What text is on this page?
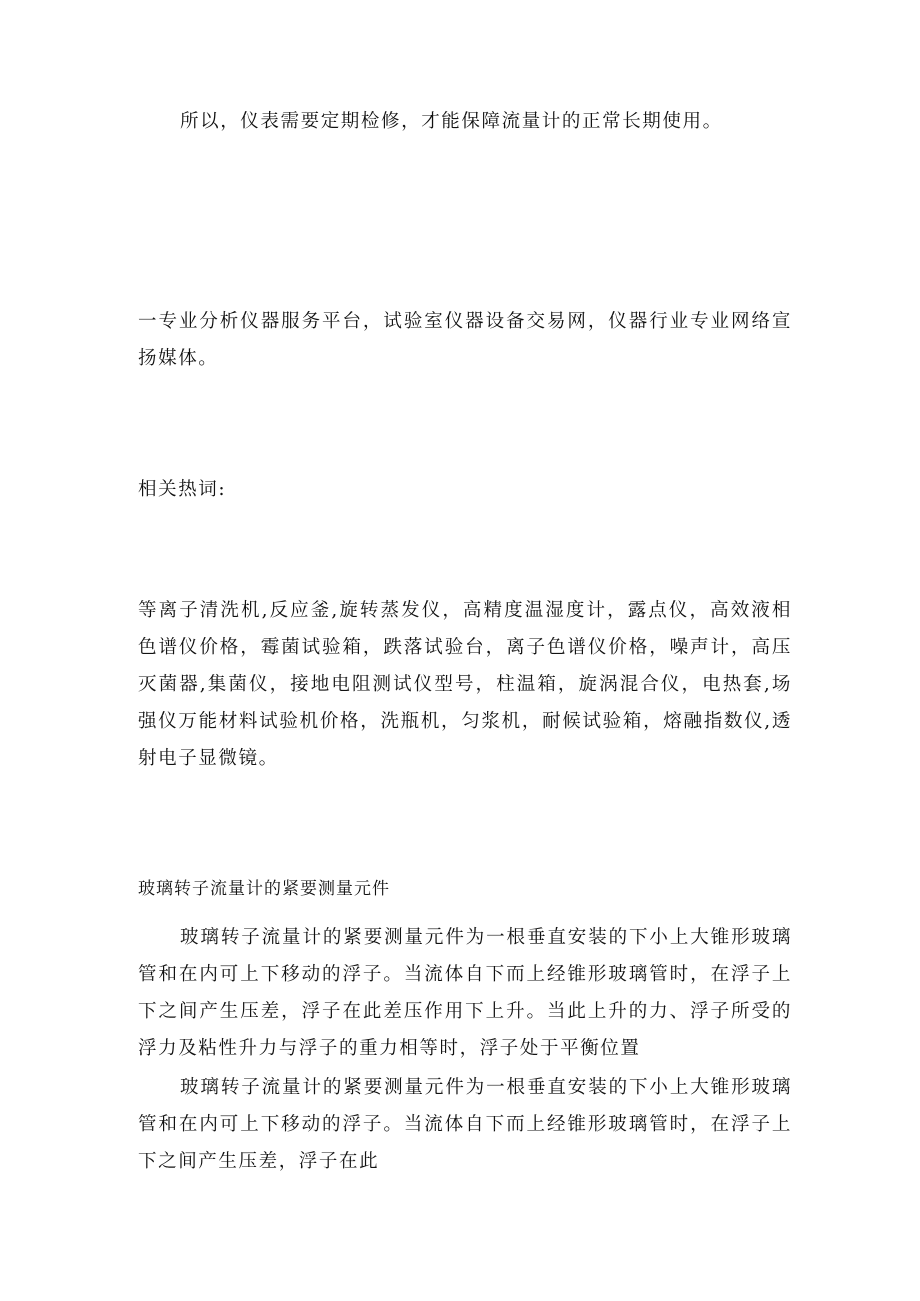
所以，仪表需要定期检修，才能保障流量计的正常长期使用。

一专业分析仪器服务平台，试验室仪器设备交易网，仪器行业专业网络宣扬媒体。

相关热词:

等离子清洗机,反应釜,旋转蒸发仪，高精度温湿度计，露点仪，高效液相色谱仪价格，霉菌试验箱，跌落试验台，离子色谱仪价格，噪声计，高压灭菌器,集菌仪，接地电阻测试仪型号，柱温箱，旋涡混合仪，电热套,场强仪万能材料试验机价格，洗瓶机，匀浆机，耐候试验箱，熔融指数仪,透射电子显微镜。

玻璃转子流量计的紧要测量元件

玻璃转子流量计的紧要测量元件为一根垂直安装的下小上大锥形玻璃管和在内可上下移动的浮子。当流体自下而上经锥形玻璃管时，在浮子上下之间产生压差，浮子在此差压作用下上升。当此上升的力、浮子所受的浮力及粘性升力与浮子的重力相等时，浮子处于平衡位置

玻璃转子流量计的紧要测量元件为一根垂直安装的下小上大锥形玻璃管和在内可上下移动的浮子。当流体自下而上经锥形玻璃管时，在浮子上下之间产生压差，浮子在此
